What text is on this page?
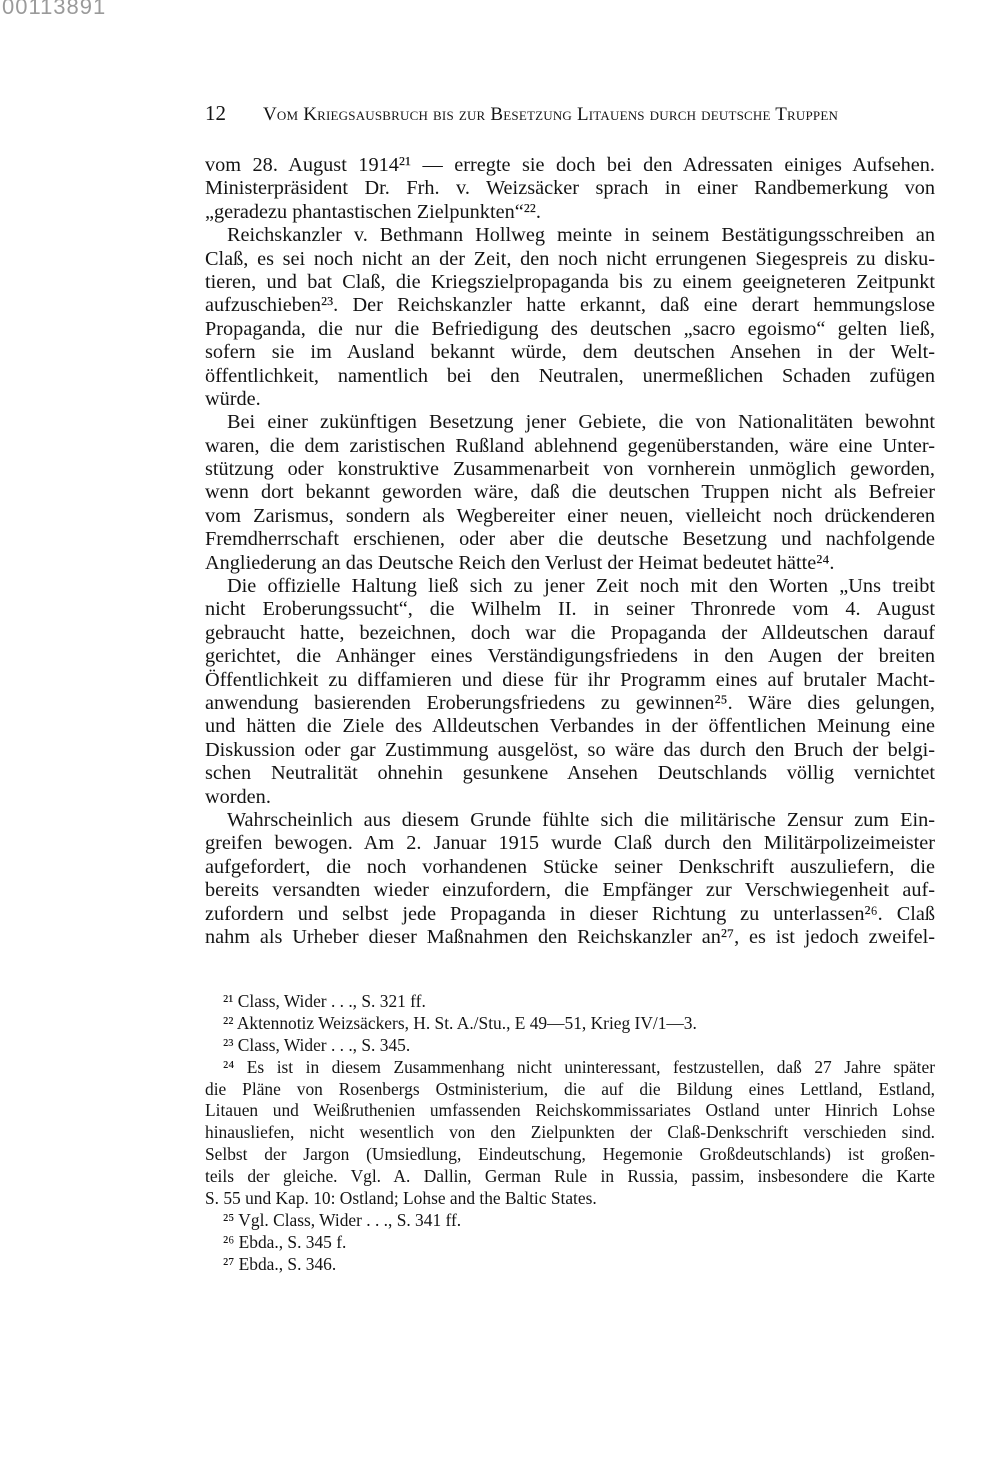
00113891
12 Vom Kriegsausbruch bis zur Besetzung Litauens durch deutsche Truppen
vom 28. August 1914²¹ — erregte sie doch bei den Adressaten einiges Aufsehen.
Ministerpräsident Dr. Frh. v. Weizsäcker sprach in einer Randbemerkung von
„geradezu phantastischen Zielpunkten“²².
Reichskanzler v. Bethmann Hollweg meinte in seinem Bestätigungsschreiben an
Claß, es sei noch nicht an der Zeit, den noch nicht errungenen Siegespreis zu disku-
tieren, und bat Claß, die Kriegszielpropaganda bis zu einem geeigneteren Zeitpunkt
aufzuschieben²³. Der Reichskanzler hatte erkannt, daß eine derart hemmungslose
Propaganda, die nur die Befriedigung des deutschen „sacro egoismo“ gelten ließ,
sofern sie im Ausland bekannt würde, dem deutschen Ansehen in der Welt-
öffentlichkeit, namentlich bei den Neutralen, unermeßlichen Schaden zufügen
würde.
Bei einer zukünftigen Besetzung jener Gebiete, die von Nationalitäten bewohnt
waren, die dem zaristischen Rußland ablehnend gegenüberstanden, wäre eine Unter-
stützung oder konstruktive Zusammenarbeit von vornherein unmöglich geworden,
wenn dort bekannt geworden wäre, daß die deutschen Truppen nicht als Befreier
vom Zarismus, sondern als Wegbereiter einer neuen, vielleicht noch drückenderen
Fremdherrschaft erschienen, oder aber die deutsche Besetzung und nachfolgende
Angliederung an das Deutsche Reich den Verlust der Heimat bedeutet hätte²⁴.
Die offizielle Haltung ließ sich zu jener Zeit noch mit den Worten „Uns treibt
nicht Eroberungssucht“, die Wilhelm II. in seiner Thronrede vom 4. August
gebraucht hatte, bezeichnen, doch war die Propaganda der Alldeutschen darauf
gerichtet, die Anhänger eines Verständigungsfriedens in den Augen der breiten
Öffentlichkeit zu diffamieren und diese für ihr Programm eines auf brutaler Macht-
anwendung basierenden Eroberungsfriedens zu gewinnen²⁵. Wäre dies gelungen,
und hätten die Ziele des Alldeutschen Verbandes in der öffentlichen Meinung eine
Diskussion oder gar Zustimmung ausgelöst, so wäre das durch den Bruch der belgi-
schen Neutralität ohnehin gesunkene Ansehen Deutschlands völlig vernichtet
worden.
Wahrscheinlich aus diesem Grunde fühlte sich die militärische Zensur zum Ein-
greifen bewogen. Am 2. Januar 1915 wurde Claß durch den Militärpolizeimeister
aufgefordert, die noch vorhandenen Stücke seiner Denkschrift auszuliefern, die
bereits versandten wieder einzufordern, die Empfänger zur Verschwiegenheit auf-
zufordern und selbst jede Propaganda in dieser Richtung zu unterlassen²⁶. Claß
nahm als Urheber dieser Maßnahmen den Reichskanzler an²⁷, es ist jedoch zweifel-
²¹ Class, Wider . . ., S. 321 ff.
²² Aktennotiz Weizsäckers, H. St. A./Stu., E 49—51, Krieg IV/1—3.
²³ Class, Wider . . ., S. 345.
²⁴ Es ist in diesem Zusammenhang nicht uninteressant, festzustellen, daß 27 Jahre später
die Pläne von Rosenbergs Ostministerium, die auf die Bildung eines Lettland, Estland,
Litauen und Weißruthenien umfassenden Reichskommissariates Ostland unter Hinrich Lohse
hinausliefen, nicht wesentlich von den Zielpunkten der Claß-Denkschrift verschieden sind.
Selbst der Jargon (Umsiedlung, Eindeutschung, Hegemonie Großdeutschlands) ist großen-
teils der gleiche. Vgl. A. Dallin, German Rule in Russia, passim, insbesondere die Karte
S. 55 und Kap. 10: Ostland; Lohse and the Baltic States.
²⁵ Vgl. Class, Wider . . ., S. 341 ff.
²⁶ Ebda., S. 345 f.
²⁷ Ebda., S. 346.
